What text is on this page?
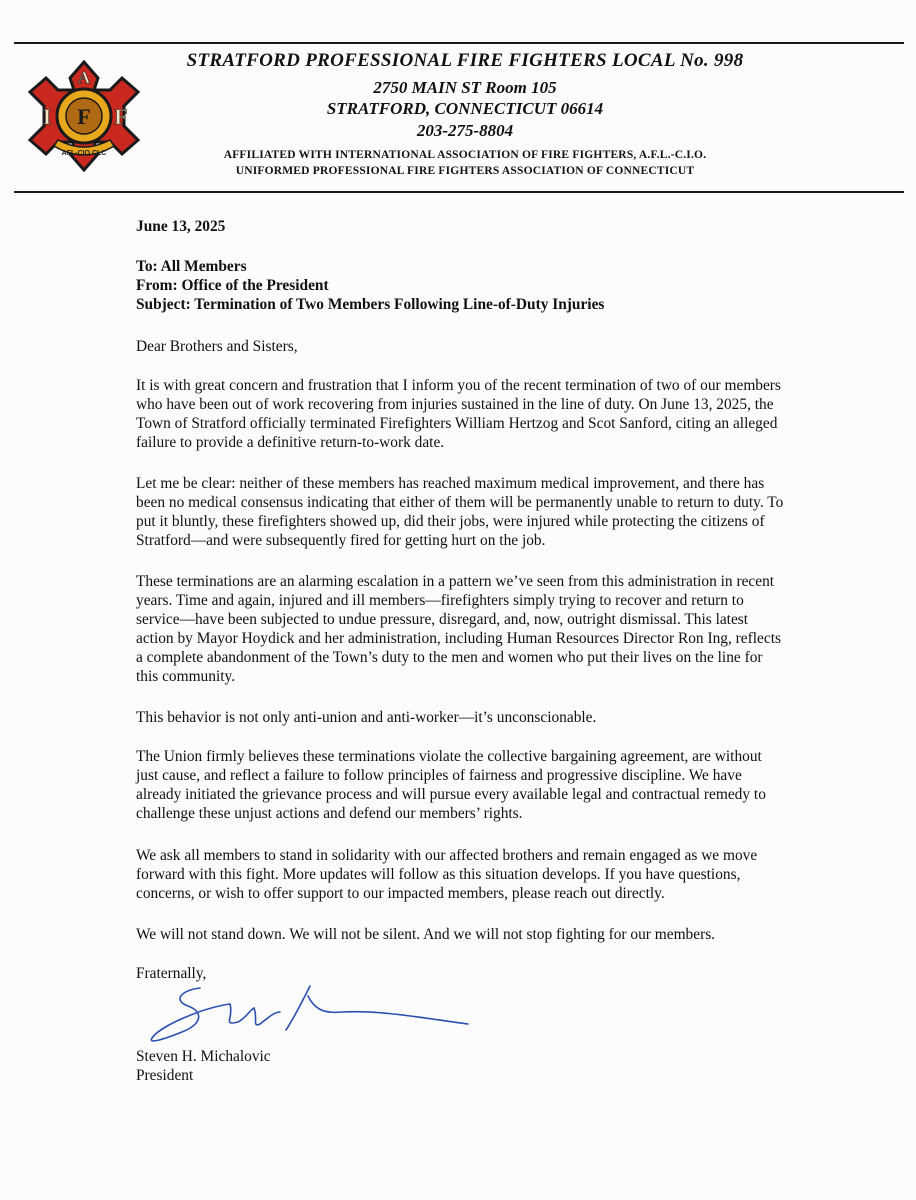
A
I F F
AFL-CIO CLC
STRATFORD PROFESSIONAL FIRE FIGHTERS LOCAL No. 998
2750 MAIN ST Room 105
STRATFORD, CONNECTICUT 06614
203-275-8804
AFFILIATED WITH INTERNATIONAL ASSOCIATION OF FIRE FIGHTERS, A.F.L.-C.I.O.
UNIFORMED PROFESSIONAL FIRE FIGHTERS ASSOCIATION OF CONNECTICUT
June 13, 2025
To: All Members
From: Office of the President
Subject: Termination of Two Members Following Line-of-Duty Injuries
Dear Brothers and Sisters,
It is with great concern and frustration that I inform you of the recent termination of two of our members who have been out of work recovering from injuries sustained in the line of duty. On June 13, 2025, the Town of Stratford officially terminated Firefighters William Hertzog and Scot Sanford, citing an alleged failure to provide a definitive return-to-work date.
Let me be clear: neither of these members has reached maximum medical improvement, and there has been no medical consensus indicating that either of them will be permanently unable to return to duty. To put it bluntly, these firefighters showed up, did their jobs, were injured while protecting the citizens of Stratford—and were subsequently fired for getting hurt on the job.
These terminations are an alarming escalation in a pattern we’ve seen from this administration in recent years. Time and again, injured and ill members—firefighters simply trying to recover and return to service—have been subjected to undue pressure, disregard, and, now, outright dismissal. This latest action by Mayor Hoydick and her administration, including Human Resources Director Ron Ing, reflects a complete abandonment of the Town’s duty to the men and women who put their lives on the line for this community.
This behavior is not only anti-union and anti-worker—it’s unconscionable.
The Union firmly believes these terminations violate the collective bargaining agreement, are without just cause, and reflect a failure to follow principles of fairness and progressive discipline. We have already initiated the grievance process and will pursue every available legal and contractual remedy to challenge these unjust actions and defend our members’ rights.
We ask all members to stand in solidarity with our affected brothers and remain engaged as we move forward with this fight. More updates will follow as this situation develops. If you have questions, concerns, or wish to offer support to our impacted members, please reach out directly.
We will not stand down. We will not be silent. And we will not stop fighting for our members.
Fraternally,
Steven H. Michalovic
President
